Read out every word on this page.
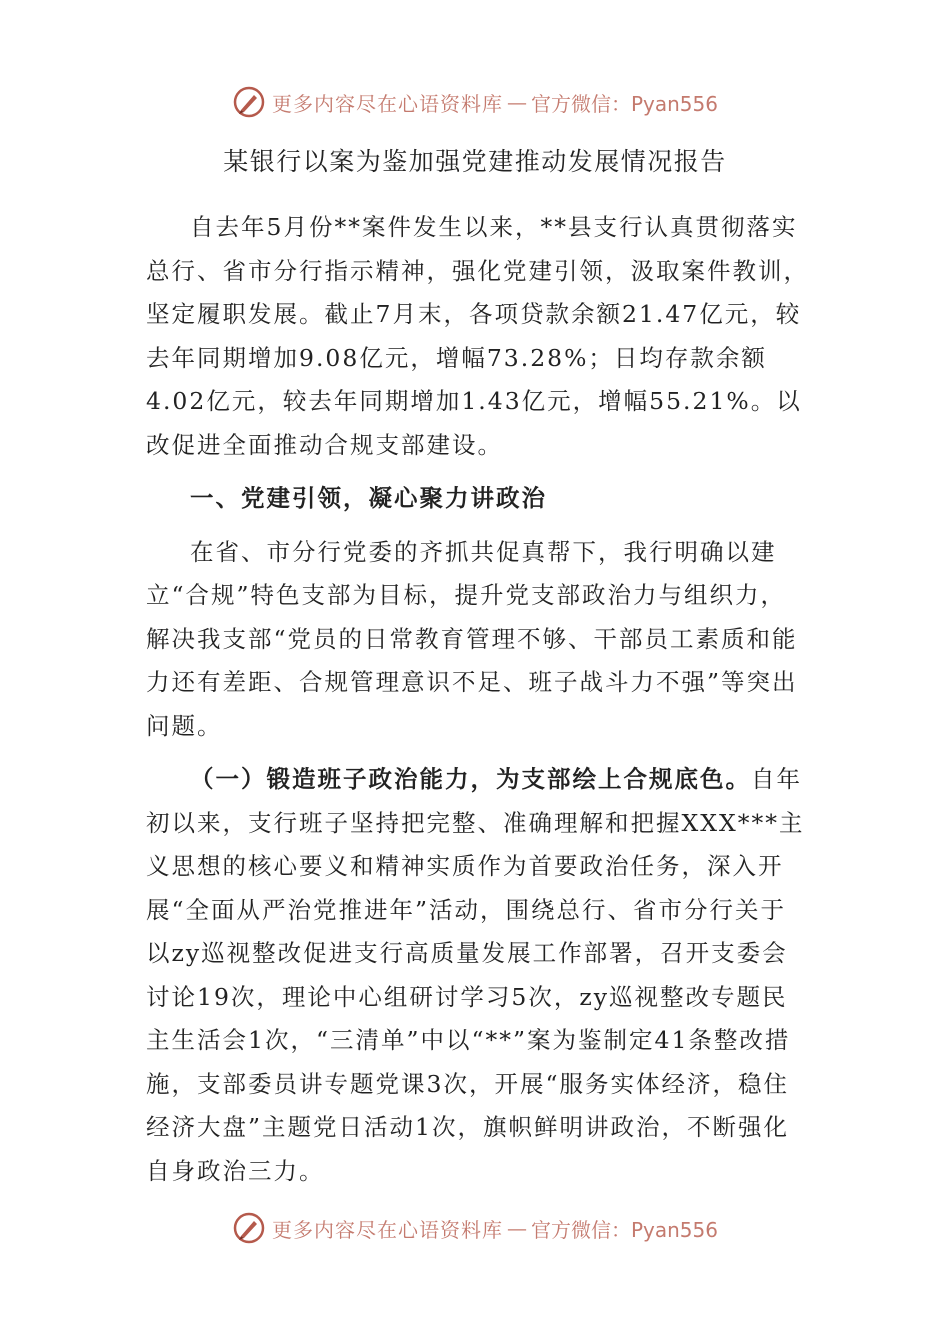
更多内容尽在心语资料库 — 官方微信：Pyan556
某银行以案为鉴加强党建推动发展情况报告

自去年5月份**案件发生以来，**县支行认真贯彻落实总行、省市分行指示精神，强化党建引领，汲取案件教训，坚定履职发展。截止7月末，各项贷款余额21.47亿元，较去年同期增加9.08亿元，增幅73.28%；日均存款余额4.02亿元，较去年同期增加1.43亿元，增幅55.21%。以改促进全面推动合规支部建设。

一、党建引领，凝心聚力讲政治

在省、市分行党委的齐抓共促真帮下，我行明确以建立“合规”特色支部为目标，提升党支部政治力与组织力，解决我支部“党员的日常教育管理不够、干部员工素质和能力还有差距、合规管理意识不足、班子战斗力不强”等突出问题。

（一）锻造班子政治能力，为支部绘上合规底色。自年初以来，支行班子坚持把完整、准确理解和把握XXX***主义思想的核心要义和精神实质作为首要政治任务，深入开展“全面从严治党推进年”活动，围绕总行、省市分行关于以zy巡视整改促进支行高质量发展工作部署，召开支委会讨论19次，理论中心组研讨学习5次，zy巡视整改专题民主生活会1次，“三清单”中以“**”案为鉴制定41条整改措施，支部委员讲专题党课3次，开展“服务实体经济，稳住经济大盘”主题党日活动1次，旗帜鲜明讲政治，不断强化自身政治三力。

更多内容尽在心语资料库 — 官方微信：Pyan556
